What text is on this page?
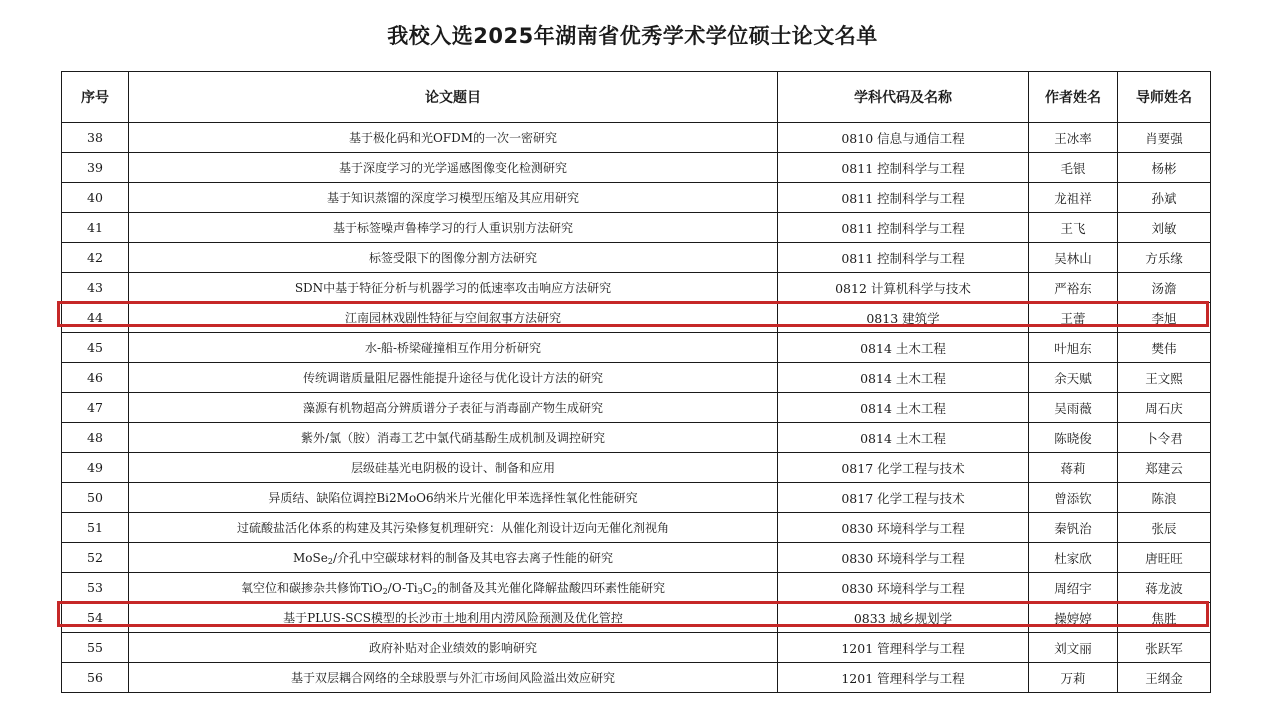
我校入选2025年湖南省优秀学术学位硕士论文名单
序号	论文题目	学科代码及名称	作者姓名	导师姓名
38	基于极化码和光OFDM的一次一密研究	0810 信息与通信工程	王冰率	肖要强
39	基于深度学习的光学遥感图像变化检测研究	0811 控制科学与工程	毛银	杨彬
40	基于知识蒸馏的深度学习模型压缩及其应用研究	0811 控制科学与工程	龙祖祥	孙斌
41	基于标签噪声鲁棒学习的行人重识别方法研究	0811 控制科学与工程	王飞	刘敏
42	标签受限下的图像分割方法研究	0811 控制科学与工程	吴林山	方乐缘
43	SDN中基于特征分析与机器学习的低速率攻击响应方法研究	0812 计算机科学与技术	严裕东	汤澹
44	江南园林戏剧性特征与空间叙事方法研究	0813 建筑学	王蕾	李旭
45	水-船-桥梁碰撞相互作用分析研究	0814 土木工程	叶旭东	樊伟
46	传统调谐质量阻尼器性能提升途径与优化设计方法的研究	0814 土木工程	余天赋	王文熙
47	藻源有机物超高分辨质谱分子表征与消毒副产物生成研究	0814 土木工程	吴雨薇	周石庆
48	紫外/氯（胺）消毒工艺中氯代硝基酚生成机制及调控研究	0814 土木工程	陈晓俊	卜令君
49	层级硅基光电阴极的设计、制备和应用	0817 化学工程与技术	蒋莉	郑建云
50	异质结、缺陷位调控Bi2MoO6纳米片光催化甲苯选择性氧化性能研究	0817 化学工程与技术	曾添钦	陈浪
51	过硫酸盐活化体系的构建及其污染修复机理研究：从催化剂设计迈向无催化剂视角	0830 环境科学与工程	秦钒治	张辰
52	MoSe$_2$/介孔中空碳球材料的制备及其电容去离子性能的研究	0830 环境科学与工程	杜家欣	唐旺旺
53	氧空位和碳掺杂共修饰$TiO_2/O-Ti_3C_2$的制备及其光催化降解盐酸四环素性能研究	0830 环境科学与工程	周绍宇	蒋龙波
54	基于PLUS-SCS模型的长沙市土地利用内涝风险预测及优化管控	0833 城乡规划学	操婷婷	焦胜
55	政府补贴对企业绩效的影响研究	1201 管理科学与工程	刘文丽	张跃军
56	基于双层耦合网络的全球股票与外汇市场间风险溢出效应研究	1201 管理科学与工程	万莉	王纲金
